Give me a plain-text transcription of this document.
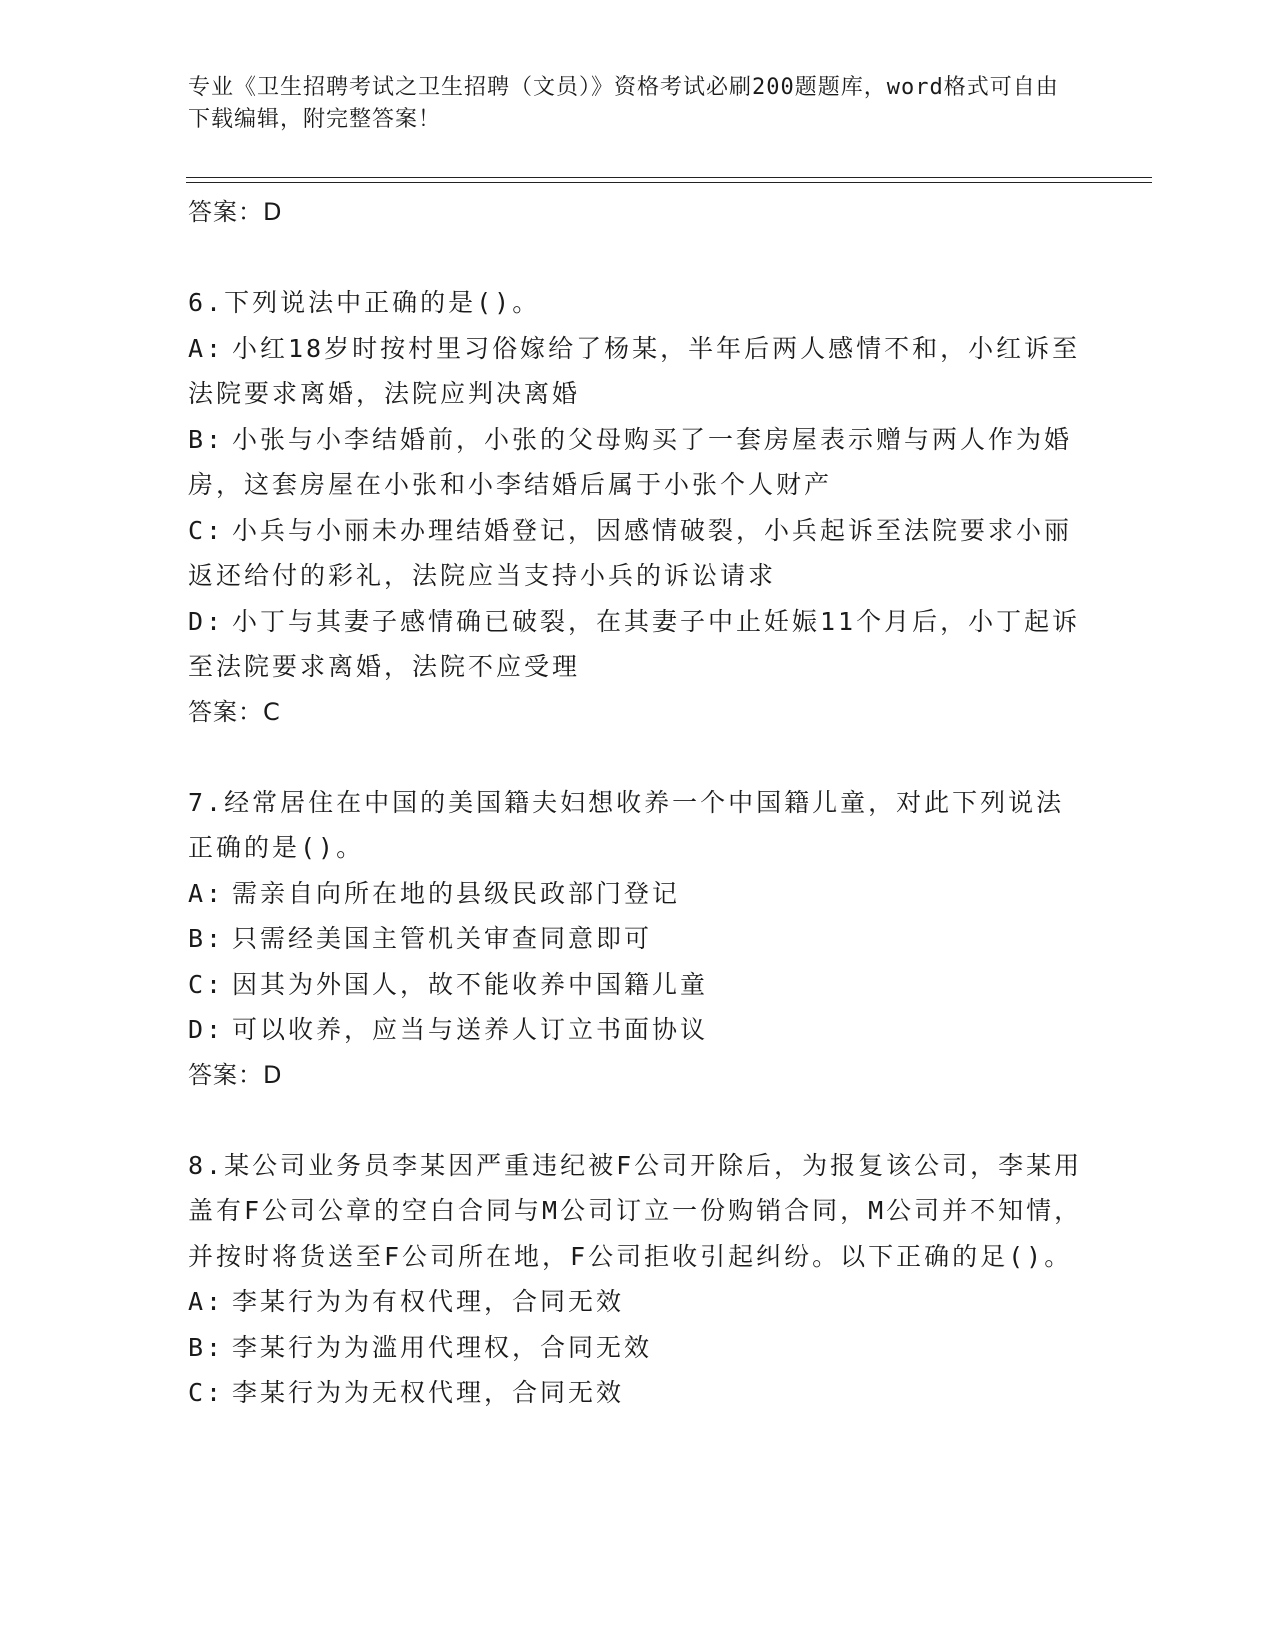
专业《卫生招聘考试之卫生招聘（文员）》资格考试必刷200题题库，word格式可自由下载编辑，附完整答案！
答案：D
6.下列说法中正确的是()。
A: 小红18岁时按村里习俗嫁给了杨某，半年后两人感情不和，小红诉至法院要求离婚，法院应判决离婚
B: 小张与小李结婚前，小张的父母购买了一套房屋表示赠与两人作为婚房，这套房屋在小张和小李结婚后属于小张个人财产
C: 小兵与小丽未办理结婚登记，因感情破裂，小兵起诉至法院要求小丽返还给付的彩礼，法院应当支持小兵的诉讼请求
D: 小丁与其妻子感情确已破裂，在其妻子中止妊娠11个月后，小丁起诉至法院要求离婚，法院不应受理
答案：C
7.经常居住在中国的美国籍夫妇想收养一个中国籍儿童，对此下列说法正确的是()。
A: 需亲自向所在地的县级民政部门登记
B: 只需经美国主管机关审查同意即可
C: 因其为外国人，故不能收养中国籍儿童
D: 可以收养，应当与送养人订立书面协议
答案：D
8.某公司业务员李某因严重违纪被F公司开除后，为报复该公司，李某用盖有F公司公章的空白合同与M公司订立一份购销合同，M公司并不知情，并按时将货送至F公司所在地，F公司拒收引起纠纷。以下正确的足()。
A: 李某行为为有权代理，合同无效
B: 李某行为为滥用代理权，合同无效
C: 李某行为为无权代理，合同无效
